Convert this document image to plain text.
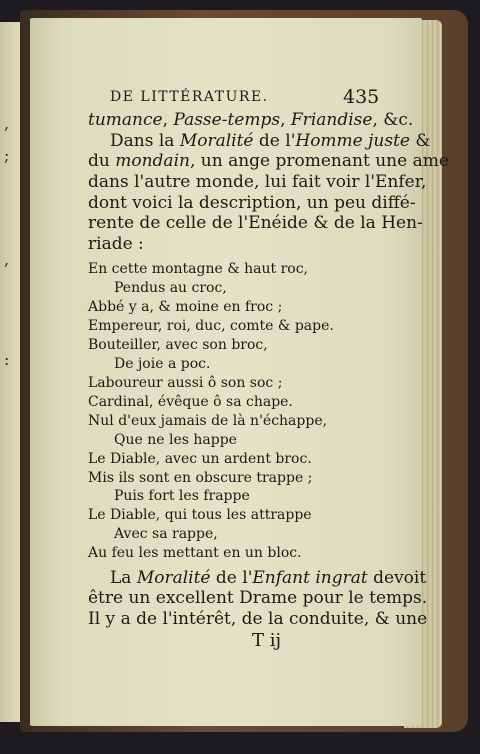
,
;
,
:
DE LITTÉRATURE.	435
tumance, Passe-temps, Friandise, &c.
Dans la Moralité de l'Homme juste &
du mondain, un ange promenant une ame
dans l'autre monde, lui fait voir l'Enfer,
dont voici la description, un peu diffé-
rente de celle de l'Enéide & de la Hen-
riade :
En cette montagne & haut roc,
Pendus au croc,
Abbé y a, & moine en froc ;
Empereur, roi, duc, comte & pape.
Bouteiller, avec son broc,
De joie a poc.
Laboureur aussi ô son soc ;
Cardinal, évêque ô sa chape.
Nul d'eux jamais de là n'échappe,
Que ne les happe
Le Diable, avec un ardent broc.
Mis ils sont en obscure trappe ;
Puis fort les frappe
Le Diable, qui tous les attrappe
Avec sa rappe,
Au feu les mettant en un bloc.
La Moralité de l'Enfant ingrat devoit
être un excellent Drame pour le temps.
Il y a de l'intérêt, de la conduite, & une
T ij
